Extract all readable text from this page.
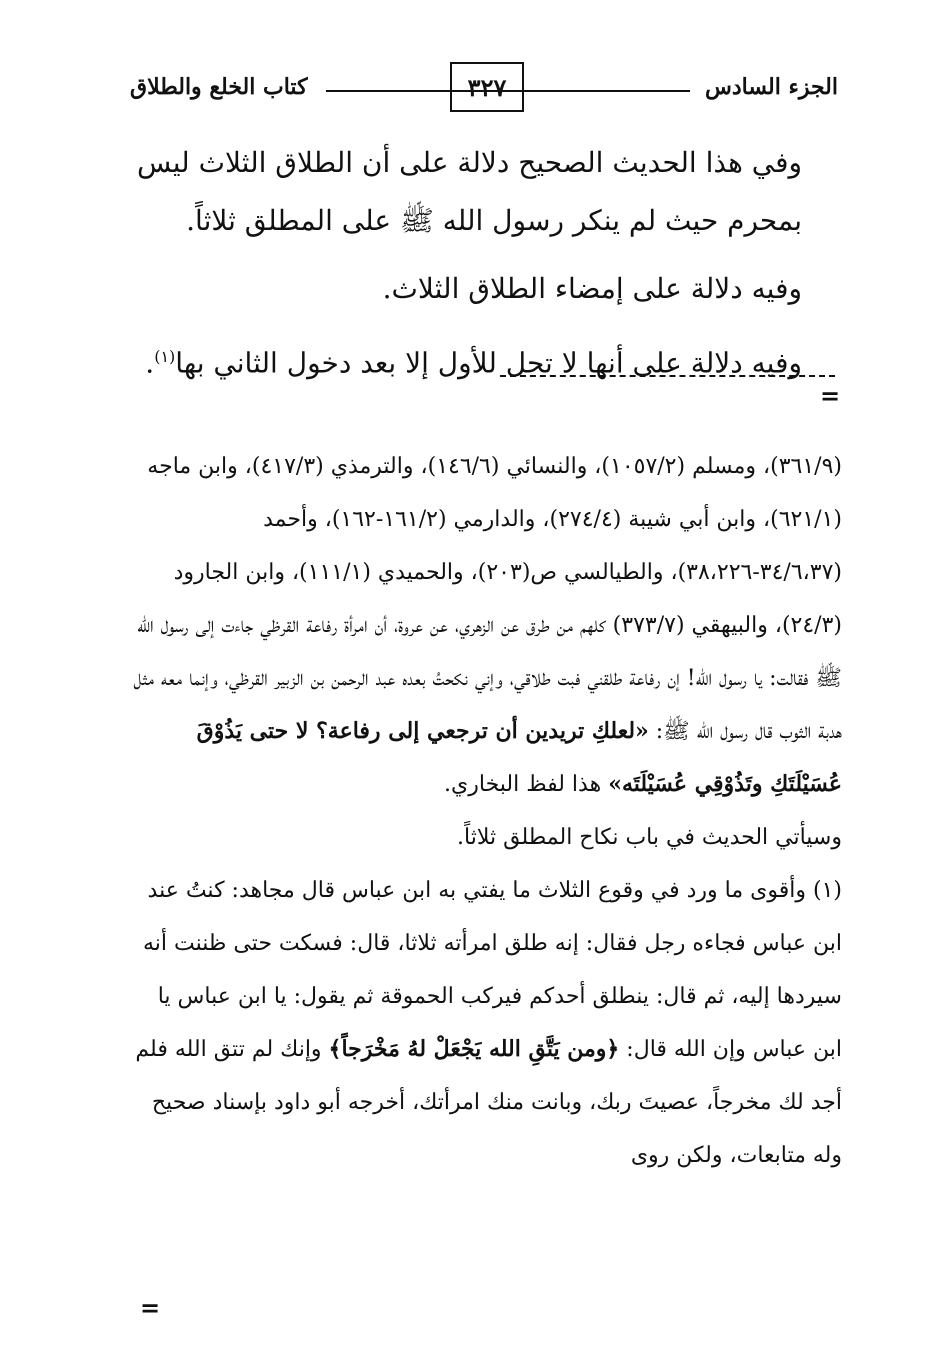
الجزء السادس
٣٢٧
كتاب الخلع والطلاق

وفي هذا الحديث الصحيح دلالة على أن الطلاق الثلاث ليس بمحرم حيث لم ينكر رسول الله ﷺ على المطلق ثلاثاً.

وفيه دلالة على إمضاء الطلاق الثلاث.

وفيه دلالة على أنها لا تحل للأول إلا بعد دخول الثاني بها$^{(١)}$.

=

(٣٦١/٩)، ومسلم (١٠٥٧/٢)، والنسائي (١٤٦/٦)، والترمذي (٤١٧/٣)، وابن ماجه (٦٢١/١)، وابن أبي شيبة (٢٧٤/٤)، والدارمي (١٦١/٢-١٦٢)، وأحمد (٣٤/٦،٣٧-٣٨،٢٢٦)، والطيالسي ص(٢٠٣)، والحميدي (١١١/١)، وابن الجارود (٢٤/٣)، والبيهقي (٣٧٣/٧) كلهم من طرق عن الزهري، عن عروة، أن امرأة رفاعة القرظي جاءت إلى رسول الله ﷺ فقالت: يا رسول الله! إن رفاعة طلقني فبت طلاقي، وإني نكحتُ بعده عبد الرحمن بن الزبير القرظي، وإنما معه مثل هدبة الثوب قال رسول الله ﷺ: «لعلكِ تريدين أن ترجعي إلى رفاعة؟ لا حتى يَذُوْقَ عُسَيْلَتَكِ وتَذُوْقِي عُسَيْلَتَه» هذا لفظ البخاري.

وسيأتي الحديث في باب نكاح المطلق ثلاثاً.

(١) وأقوى ما ورد في وقوع الثلاث ما يفتي به ابن عباس قال مجاهد: كنتُ عند ابن عباس فجاءه رجل فقال: إنه طلق امرأته ثلاثا، قال: فسكت حتى ظننت أنه سيردها إليه، ثم قال: ينطلق أحدكم فيركب الحموقة ثم يقول: يا ابن عباس يا ابن عباس وإن الله قال: ﴿ومن يَتَّقِ الله يَجْعَلْ لهُ مَخْرَجاً﴾ وإنك لم تتق الله فلم أجد لك مخرجاً، عصيتَ ربك، وبانت منك امرأتك، أخرجه أبو داود بإسناد صحيح وله متابعات، ولكن روى

=
